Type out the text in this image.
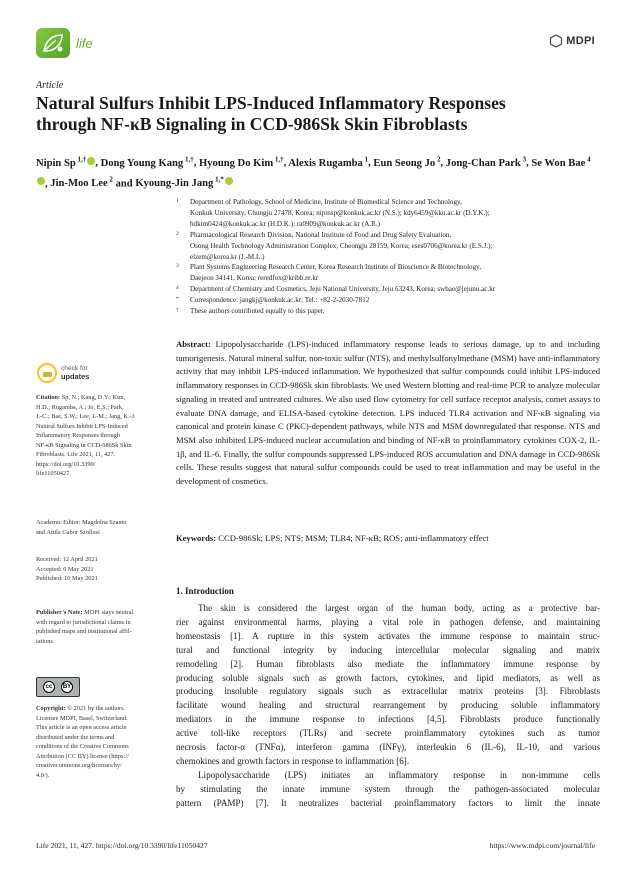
life	MDPI
Article
Natural Sulfurs Inhibit LPS-Induced Inflammatory Responses
through NF-κB Signaling in CCD-986Sk Skin Fibroblasts
Nipin Sp $^{1,\dagger}$ , Dong Young Kang $^{1,\dagger}$, Hyoung Do Kim $^{1,\dagger}$, Alexis Rugamba $^1$, Eun Seong Jo $^2$, Jong-Chan Park $^3$, Se Won Bae $^4$, Jin-Moo Lee $^2$ and Kyoung-Jin Jang $^{1,*}$
1 Department of Pathology, School of Medicine, Institute of Biomedical Science and Technology,
Konkuk University, Chungju 27478, Korea; nipinsp@konkuk.ac.kr (N.S.); kdy6459@kku.ac.kr (D.Y.K.);
hdkim0424@konkuk.ac.kr (H.D.K.); ra0909@konkuk.ac.kr (A.R.)
2 Pharmacological Research Division, National Institute of Food and Drug Safety Evaluation,
Osong Health Technology Administration Complex, Cheongju 28159, Korea; eses0706@korea.kr (E.S.J.);
elzem@korea.kr (J.-M.L.)
3 Plant Systems Engineering Research Center, Korea Research Institute of Bioscience & Biotechnology,
Daejeon 34141, Korea; reredfox@kribb.re.kr
4 Department of Chemistry and Cosmetics, Jeju National University, Jeju 63243, Korea; swbae@jejunu.ac.kr
* Correspondence: jangkj@konkuk.ac.kr; Tel.: +82-2-2030-7812
† These authors contributed equally to this paper.
Abstract: Lipopolysaccharide (LPS)-induced inflammatory response leads to serious damage, up to and including tumorigenesis. Natural mineral sulfur, non-toxic sulfur (NTS), and methylsulfonylmethane (MSM) have anti-inflammatory activity that may inhibit LPS-induced inflammation. We hypothesized that sulfur compounds could inhibit LPS-induced inflammatory responses in CCD-986Sk skin fibroblasts. We used Western blotting and real-time PCR to analyze molecular signaling in treated and untreated cultures. We also used flow cytometry for cell surface receptor analysis, comet assays to evaluate DNA damage, and ELISA-based cytokine detection. LPS induced TLR4 activation and NF-κB signaling via canonical and protein kinase C (PKC)-dependent pathways, while NTS and MSM downregulated that response. NTS and MSM also inhibited LPS-induced nuclear accumulation and binding of NF-κB to proinflammatory cytokines COX-2, IL-1β, and IL-6. Finally, the sulfur compounds suppressed LPS-induced ROS accumulation and DNA damage in CCD-986Sk cells. These results suggest that natural sulfur compounds could be used to treat inflammation and may be useful in the development of cosmetics.
Keywords: CCD-986Sk; LPS; NTS; MSM; TLR4; NF-κB; ROS; anti-inflammatory effect
check for
updates
Citation: Sp, N.; Kang, D.Y.; Kim,
H.D.; Rugamba, A.; Jo, E.S.; Park,
J.-C.; Bae, S.W.; Lee, J.-M.; Jang, K.-J.
Natural Sulfurs Inhibit LPS-Induced
Inflammatory Responses through
NF-κB Signaling in CCD-986Sk Skin
Fibroblasts. Life 2021, 11, 427.
https://doi.org/10.3390/
life11050427
Academic Editor: Magdolna Szanto
and Attila Gabor Szollosi
Received: 12 April 2021
Accepted: 6 May 2021
Published: 10 May 2021
Publisher’s Note: MDPI stays neutral
with regard to jurisdictional claims in
published maps and institutional affil-
iations.
cc	BY
Copyright: © 2021 by the authors.
Licensee MDPI, Basel, Switzerland.
This article is an open access article
distributed under the terms and
conditions of the Creative Commons
Attribution (CC BY) license (https://
creativecommons.org/licenses/by/
4.0/).
1. Introduction
The skin is considered the largest organ of the human body, acting as a protective bar-
rier against environmental harms, playing a vital role in pathogen defense, and maintaining
homeostasis [1]. A rupture in this system activates the immune response to maintain struc-
tural and functional integrity by inducing intercellular molecular signaling and matrix
remodeling [2]. Human fibroblasts also mediate the inflammatory immune response by
producing soluble signals such as growth factors, cytokines, and lipid mediators, as well as
producing insoluble regulatory signals such as extracellular matrix proteins [3]. Fibroblasts
facilitate wound healing and structural rearrangement by producing soluble inflammatory
mediators in the immune response to infections [4,5]. Fibroblasts produce functionally
active toll-like receptors (TLRs) and secrete proinflammatory cytokines such as tumor
necrosis factor-α (TNFα), interferon gamma (INFγ), interleukin 6 (IL-6), IL-10, and various
chemokines and growth factors in response to inflammation [6].
Lipopolysaccharide (LPS) initiates an inflammatory response in non-immune cells
by stimulating the innate immune system through the pathogen-associated molecular
pattern (PAMP) [7]. It neutralizes bacterial proinflammatory factors to limit the innate
Life 2021, 11, 427. https://doi.org/10.3390/life11050427	https://www.mdpi.com/journal/life
